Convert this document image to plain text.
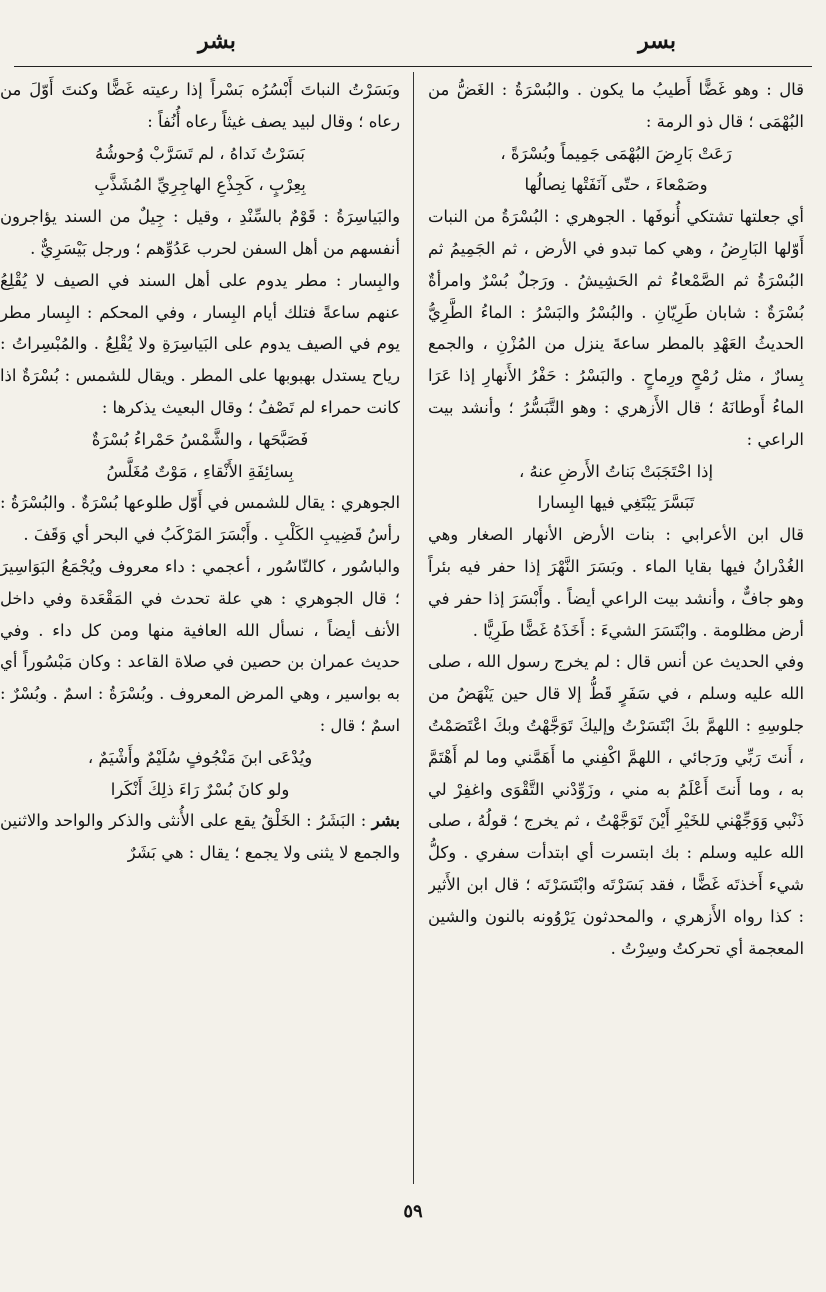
بسر
بشر

قال : وهو غَضًّا أَطيبُ ما يكون . والبُسْرَةُ : الغَضُّ من البُهْمَى ؛ قال ذو الرمة :

رَعَتْ بَارِضَ البُهْمَى جَمِيماً وبُسْرَةً ،

وصَمْعاءَ ، حتّى آنَفَتْها نِصالُها

أي جعلتها تشتكي أُنوفَها . الجوهري : البُسْرَةُ من النبات أَوّلها البَارِضُ ، وهي كما تبدو في الأرض ، ثم الجَمِيمُ ثم البُسْرَةُ ثم الصَّمْعاءُ ثم الحَشِيشُ . ورَجلٌ بُسْرٌ وامرأةٌ بُسْرَةٌ : شابان طَرِيّانِ . والبُسْرُ والبَسْرُ : الماءُ الطَّرِيُّ الحديثُ العَهْدِ بالمطر ساعةَ ينزل من المُزْنِ ، والجمع بِسارٌ ، مثل رُمْحٍ ورِماحٍ . والبَسْرُ : حَفْرُ الأَنهارِ إذا عَرَا الماءُ أَوطانَهُ ؛ قال الأَزهري : وهو التَّبَسُّرُ ؛ وأنشد بيت الراعي :

إذا احْتَجَبَتْ بَناتُ الأَرضِ عنهُ ،

تَبَسَّرَ يَبْتَغِي فيها البِسارا

قال ابن الأعرابي : بنات الأرض الأنهار الصغار وهي الغُدْرانُ فيها بقايا الماء . وبَسَرَ النَّهْرَ إذا حفر فيه بئراً وهو جافٌّ ، وأنشد بيت الراعي أيضاً . وأَبْسَرَ إذا حفر في أرض مظلومة . وابْتَسَرَ الشيءَ : أَخَذَهُ غَضًّا طَرِيًّا .

وفي الحديث عن أنس قال : لم يخرج رسول الله ، صلى الله عليه وسلم ، في سَفَرٍ قَطُّ إلا قال حين يَنْهَضُ من جلوسِهِ : اللهمَّ بكَ ابْتَسَرْتُ وإليكَ تَوَجَّهْتُ وبكَ اعْتَصَمْتُ ، أَنتَ رَبِّي ورَجائي ، اللهمَّ اكْفِني ما أَهَمَّني وما لم أَهْتَمَّ به ، وما أَنتَ أَعْلَمُ به مني ، وزَوِّدْني التَّقْوَى واغفِرْ لي ذَنْبي وَوَجِّهْني للخَيْرِ أَيْنَ تَوَجَّهْتُ ، ثم يخرج ؛ قولُهُ ، صلى الله عليه وسلم : بك ابتسرت أي ابتدأت سفري . وكلُّ شيء أَخذتَه غَضًّا ، فقد بَسَرْتَه وابْتَسَرْتَه ؛ قال ابن الأَثير : كذا رواه الأَزهري ، والمحدثون يَرْوُونه بالنون والشين المعجمة أي تحركتُ وسِرْتُ .

وبَسَرْتُ النباتَ أَبْسُرُه بَسْراً إذا رعيته غَضًّا وكنتَ أَوّلَ من رعاه ؛ وقال لبيد يصف غيثاً رعاه أُنُفاً :

بَسَرْتُ نَداهُ ، لم تَسَرَّبْ وُحوشُهُ

بِعِرْبٍ ، كَجِذْعِ الهاجِرِيِّ المُشَذَّبِ

والبَياسِرَةُ : قَوْمٌ بالسِّنْدِ ، وقيل : جِيلٌ من السند يؤاجرون أنفسهم من أهل السفن لحرب عَدُوِّهم ؛ ورجل بَيْسَرِيٌّ .

والبِسار : مطر يدوم على أهل السند في الصيف لا يُقْلِعُ عنهم ساعةً فتلك أيام البِسار ، وفي المحكم : البِسار مطر يوم في الصيف يدوم على البَياسِرَةِ ولا يُقْلِعُ . والمُبْسِراتُ : رياح يستدل بهبوبها على المطر . ويقال للشمس : بُسْرَةٌ اذا كانت حمراء لم تَصْفُ ؛ وقال البعيث يذكرها :

فَصَبَّحَها ، والشَّمْسُ حَمْراءُ بُسْرَةٌ

بِسائِفَةِ الأَنْقاءِ ، مَوْتٌ مُغَلَّسُ

الجوهري : يقال للشمس في أَوّل طلوعها بُسْرَةٌ . والبُسْرَةُ : رأسُ قَضِيبِ الكَلْبِ . وأَبْسَرَ المَرْكَبُ في البحر أي وَقَفَ .

والباسُور ، كالنّاسُور ، أعجمي : داء معروف ويُجْمَعُ البَوَاسِيرَ ؛ قال الجوهري : هي علة تحدث في المَقْعَدة وفي داخل الأنف أيضاً ، نسأل الله العافية منها ومن كل داء . وفي حديث عمران بن حصين في صلاة القاعد : وكان مَبْسُوراً أي به بواسير ، وهي المرض المعروف . وبُسْرَةُ : اسمٌ . وبُسْرٌ : اسمٌ ؛ قال :

ويُدْعَى ابنَ مَنْجُوفٍ سُلَيْمٌ وأَشْيَمٌ ،

ولو كانَ بُسْرٌ رَاءَ ذلِكَ أَنْكَرا

بشر : البَشَرُ : الخَلْقُ يقع على الأُنثى والذكر والواحد والاثنين والجمع لا يثنى ولا يجمع ؛ يقال : هي بَشَرٌ

٥٩
